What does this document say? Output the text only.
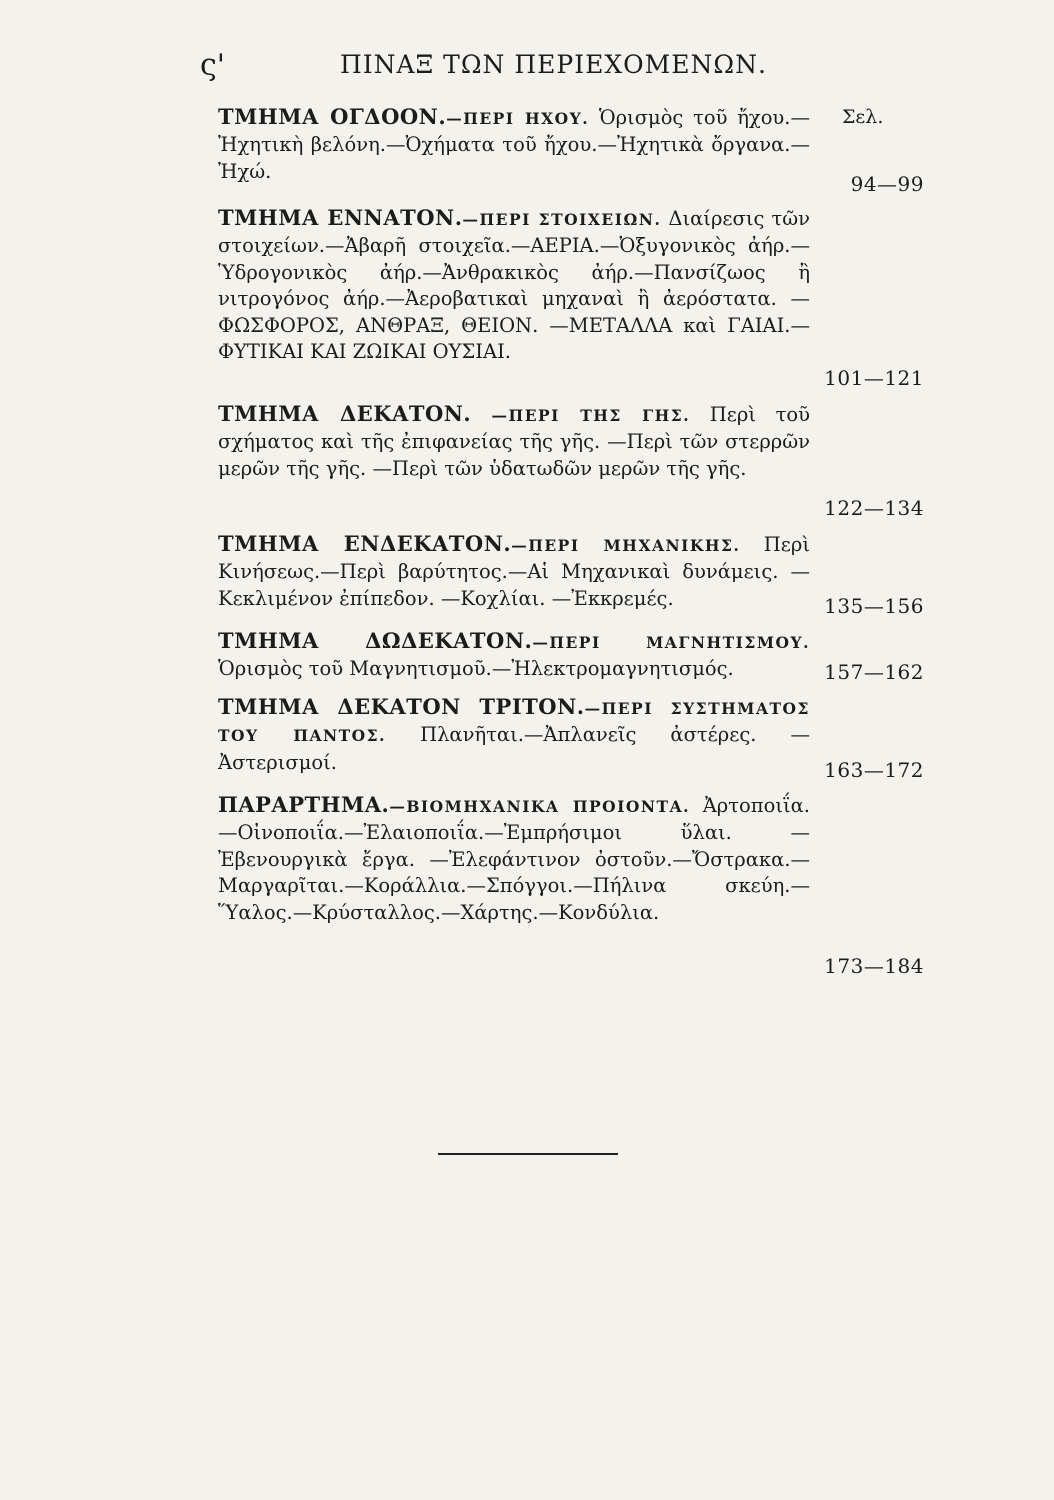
ς'	ΠΙΝΑΞ ΤΩΝ ΠΕΡΙΕΧΟΜΕΝΩΝ.
Σελ.
ΤΜΗΜΑ ΟΓΔΟΟΝ.—ΠΕΡΙ ΗΧΟΥ. Ὁρισμὸς τοῦ ἤχου.—Ἠχητικὴ βελόνη.—Ὀχήματα τοῦ ἤχου.—Ἠχητικὰ ὄργανα.—Ἠχώ.
94—99
ΤΜΗΜΑ ΕΝΝΑΤΟΝ.—ΠΕΡΙ ΣΤΟΙΧΕΙΩΝ. Διαίρεσις τῶν στοιχείων.—Ἀβαρῆ στοιχεῖα.—ΑΕΡΙΑ.—Ὀξυγονικὸς ἀήρ.—Ὑδρογονικὸς ἀήρ.—Ἀνθρακικὸς ἀήρ.—Πανσίζωος ἢ νιτρογόνος ἀήρ.—Ἀεροβατικαὶ μηχαναὶ ἢ ἀερόστατα. —ΦΩΣΦΟΡΟΣ, ΑΝΘΡΑΞ, ΘΕΙΟΝ. —ΜΕΤΑΛΛΑ καὶ ΓΑΙΑΙ.—ΦΥΤΙΚΑΙ ΚΑΙ ΖΩΙΚΑΙ ΟΥΣΙΑΙ.
101—121
ΤΜΗΜΑ ΔΕΚΑΤΟΝ. —ΠΕΡΙ ΤΗΣ ΓΗΣ. Περὶ τοῦ σχήματος καὶ τῆς ἐπιφανείας τῆς γῆς. —Περὶ τῶν στερρῶν μερῶν τῆς γῆς. —Περὶ τῶν ὑδατωδῶν μερῶν τῆς γῆς.
122—134
ΤΜΗΜΑ ΕΝΔΕΚΑΤΟΝ.—ΠΕΡΙ ΜΗΧΑΝΙΚΗΣ. Περὶ Κινήσεως.—Περὶ βαρύτητος.—Αἱ Μηχανικαὶ δυνάμεις. —Κεκλιμένον ἐπίπεδον. —Κοχλίαι. —Ἐκκρεμές.	135—156
ΤΜΗΜΑ ΔΩΔΕΚΑΤΟΝ.—ΠΕΡΙ ΜΑΓΝΗΤΙΣΜΟΥ. Ὁρισμὸς τοῦ Μαγνητισμοῦ.—Ἠλεκτρομαγνητισμός.	157—162
ΤΜΗΜΑ ΔΕΚΑΤΟΝ ΤΡΙΤΟΝ.—ΠΕΡΙ ΣΥΣΤΗΜΑΤΟΣ ΤΟΥ ΠΑΝΤΟΣ. Πλανῆται.—Ἀπλανεῖς ἀστέρες. —Ἀστερισμοί.	163—172
ΠΑΡΑΡΤΗΜΑ.—ΒΙΟΜΗΧΑΝΙΚΑ ΠΡΟΙΟΝΤΑ. Ἀρτοποιΐα.—Οἰνοποιΐα.—Ἐλαιοποιΐα.—Ἐμπρήσιμοι ὕλαι. —Ἐβενουργικὰ ἔργα. —Ἐλεφάντινον ὀστοῦν.—Ὄστρακα.—Μαργαρῖται.—Κοράλλια.—Σπόγγοι.—Πήλινα σκεύη.—Ὕαλος.—Κρύσταλλος.—Χάρτης.—Κονδύλια.
173—184
